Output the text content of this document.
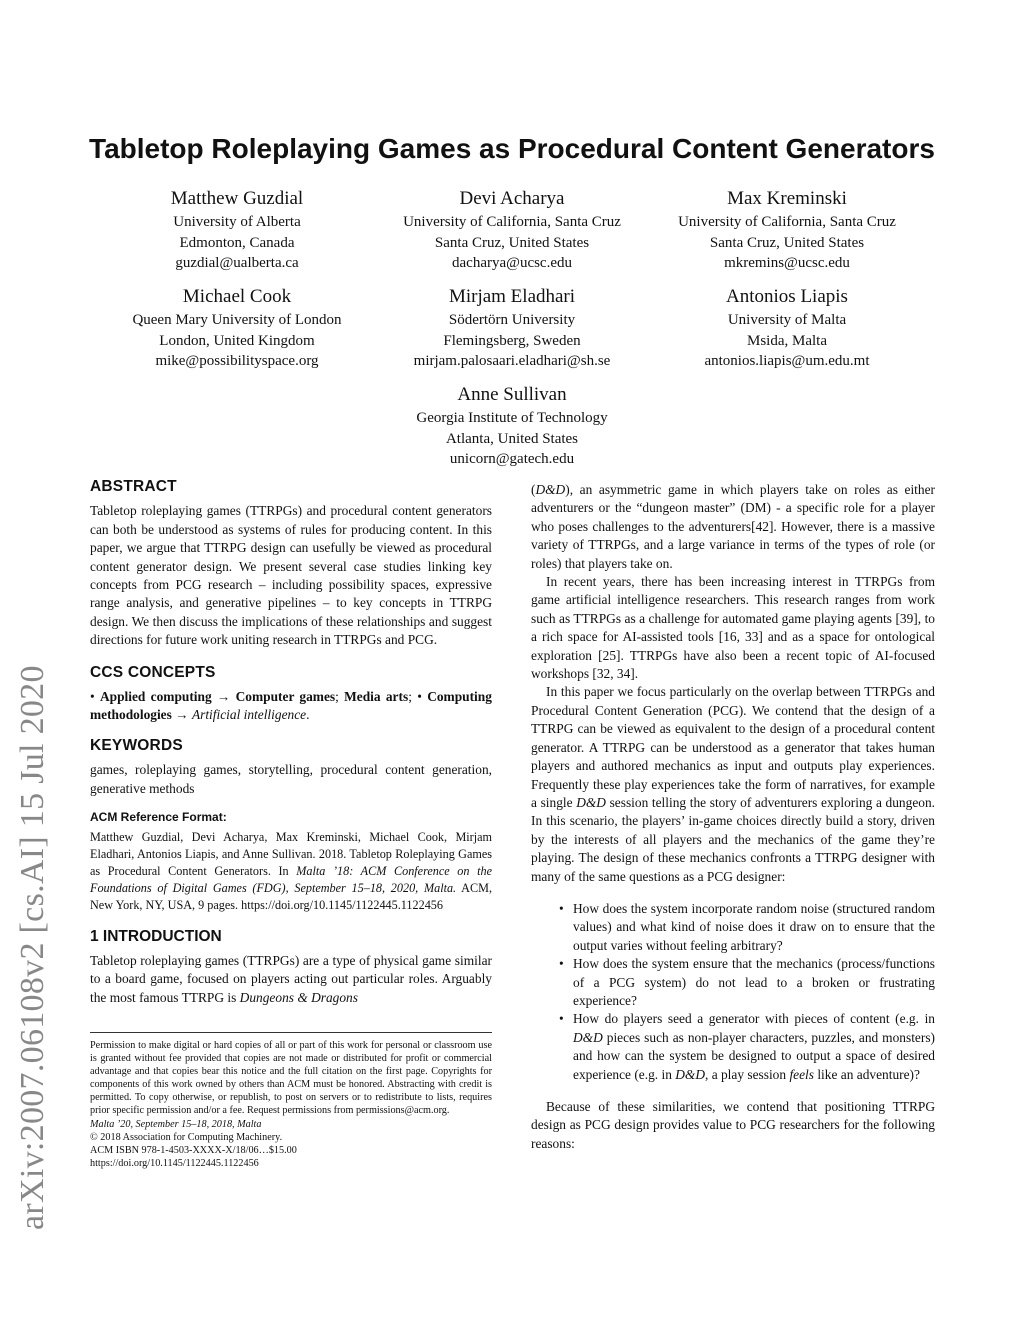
arXiv:2007.06108v2 [cs.AI] 15 Jul 2020
Tabletop Roleplaying Games as Procedural Content Generators
Matthew Guzdial
University of Alberta
Edmonton, Canada
guzdial@ualberta.ca
Devi Acharya
University of California, Santa Cruz
Santa Cruz, United States
dacharya@ucsc.edu
Max Kreminski
University of California, Santa Cruz
Santa Cruz, United States
mkremins@ucsc.edu
Michael Cook
Queen Mary University of London
London, United Kingdom
mike@possibilityspace.org
Mirjam Eladhari
Södertörn University
Flemingsberg, Sweden
mirjam.palosaari.eladhari@sh.se
Antonios Liapis
University of Malta
Msida, Malta
antonios.liapis@um.edu.mt
Anne Sullivan
Georgia Institute of Technology
Atlanta, United States
unicorn@gatech.edu
ABSTRACT

Tabletop roleplaying games (TTRPGs) and procedural content generators can both be understood as systems of rules for producing content. In this paper, we argue that TTRPG design can usefully be viewed as procedural content generator design. We present several case studies linking key concepts from PCG research – including possibility spaces, expressive range analysis, and generative pipelines – to key concepts in TTRPG design. We then discuss the implications of these relationships and suggest directions for future work uniting research in TTRPGs and PCG.

CCS CONCEPTS

• Applied computing → Computer games; Media arts; • Computing methodologies → Artificial intelligence.

KEYWORDS

games, roleplaying games, storytelling, procedural content generation, generative methods

ACM Reference Format:

Matthew Guzdial, Devi Acharya, Max Kreminski, Michael Cook, Mirjam Eladhari, Antonios Liapis, and Anne Sullivan. 2018. Tabletop Roleplaying Games as Procedural Content Generators. In Malta ’18: ACM Conference on the Foundations of Digital Games (FDG), September 15–18, 2020, Malta. ACM, New York, NY, USA, 9 pages. https://doi.org/10.1145/1122445.1122456

1 INTRODUCTION

Tabletop roleplaying games (TTRPGs) are a type of physical game similar to a board game, focused on players acting out particular roles. Arguably the most famous TTRPG is Dungeons & Dragons

Permission to make digital or hard copies of all or part of this work for personal or classroom use is granted without fee provided that copies are not made or distributed for profit or commercial advantage and that copies bear this notice and the full citation on the first page. Copyrights for components of this work owned by others than ACM must be honored. Abstracting with credit is permitted. To copy otherwise, or republish, to post on servers or to redistribute to lists, requires prior specific permission and/or a fee. Request permissions from permissions@acm.org.

Malta ’20, September 15–18, 2018, Malta

© 2018 Association for Computing Machinery.

ACM ISBN 978-1-4503-XXXX-X/18/06…$15.00

https://doi.org/10.1145/1122445.1122456

(D&D), an asymmetric game in which players take on roles as either adventurers or the “dungeon master” (DM) - a specific role for a player who poses challenges to the adventurers[42]. However, there is a massive variety of TTRPGs, and a large variance in terms of the types of role (or roles) that players take on.

In recent years, there has been increasing interest in TTRPGs from game artificial intelligence researchers. This research ranges from work such as TTRPGs as a challenge for automated game playing agents [39], to a rich space for AI-assisted tools [16, 33] and as a space for ontological exploration [25]. TTRPGs have also been a recent topic of AI-focused workshops [32, 34].

In this paper we focus particularly on the overlap between TTRPGs and Procedural Content Generation (PCG). We contend that the design of a TTRPG can be viewed as equivalent to the design of a procedural content generator. A TTRPG can be understood as a generator that takes human players and authored mechanics as input and outputs play experiences. Frequently these play experiences take the form of narratives, for example a single D&D session telling the story of adventurers exploring a dungeon. In this scenario, the players’ in-game choices directly build a story, driven by the interests of all players and the mechanics of the game they’re playing. The design of these mechanics confronts a TTRPG designer with many of the same questions as a PCG designer:

• How does the system incorporate random noise (structured random values) and what kind of noise does it draw on to ensure that the output varies without feeling arbitrary?
• How does the system ensure that the mechanics (process/functions of a PCG system) do not lead to a broken or frustrating experience?
• How do players seed a generator with pieces of content (e.g. in D&D pieces such as non-player characters, puzzles, and monsters) and how can the system be designed to output a space of desired experience (e.g. in D&D, a play session feels like an adventure)?

Because of these similarities, we contend that positioning TTRPG design as PCG design provides value to PCG researchers for the following reasons:
